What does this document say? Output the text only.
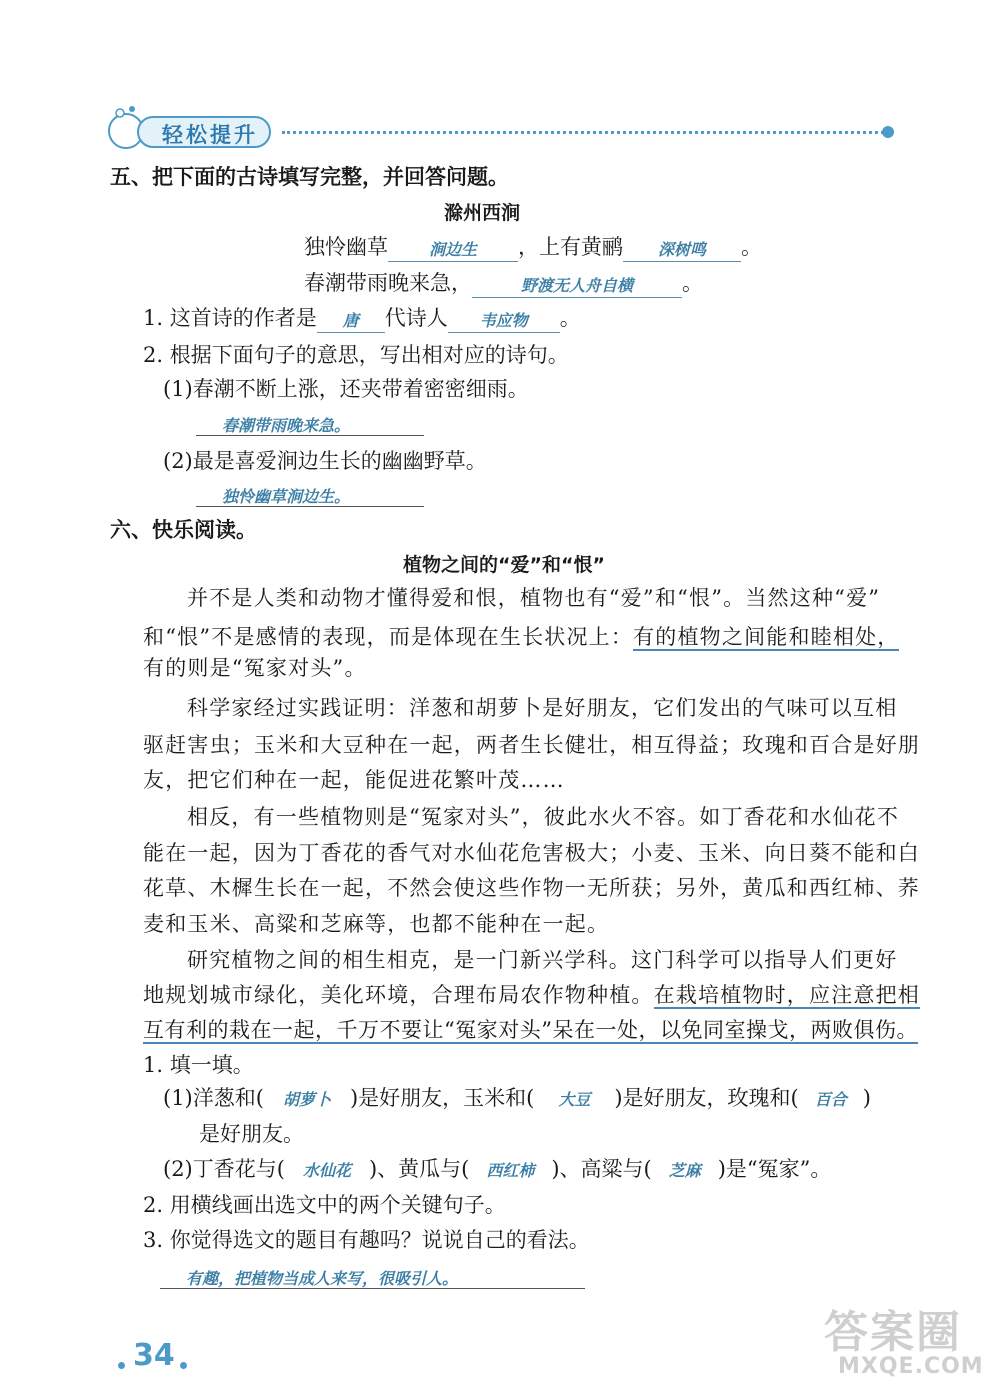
轻松提升
五、把下面的古诗填写完整，并回答问题。
滁州西涧
独怜幽草	涧边生 ，上有黄鹂 深树鸣 。
春潮带雨晚来急，	野渡无人舟自横 。
1. 这首诗的作者是 唐 代诗人 韦应物 。
2. 根据下面句子的意思，写出相对应的诗句。
(1)春潮不断上涨，还夹带着密密细雨。
春潮带雨晚来急。
(2)最是喜爱涧边生长的幽幽野草。
独怜幽草涧边生。
六、快乐阅读。
植物之间的“爱”和“恨”
并不是人类和动物才懂得爱和恨，植物也有“爱”和“恨”。当然这种“爱”
和“恨”不是感情的表现，而是体现在生长状况上：有的植物之间能和睦相处，
有的则是“冤家对头”。
科学家经过实践证明：洋葱和胡萝卜是好朋友，它们发出的气味可以互相
驱赶害虫；玉米和大豆种在一起，两者生长健壮，相互得益；玫瑰和百合是好朋
友，把它们种在一起，能促进花繁叶茂……
相反，有一些植物则是“冤家对头”，彼此水火不容。如丁香花和水仙花不
能在一起，因为丁香花的香气对水仙花危害极大；小麦、玉米、向日葵不能和白
花草、木樨生长在一起，不然会使这些作物一无所获；另外，黄瓜和西红柿、荞
麦和玉米、高粱和芝麻等，也都不能种在一起。
研究植物之间的相生相克，是一门新兴学科。这门科学可以指导人们更好
地规划城市绿化，美化环境，合理布局农作物种植。在栽培植物时，应注意把相
互有利的栽在一起，千万不要让“冤家对头”呆在一处，以免同室操戈，两败俱伤。
1. 填一填。
(1)洋葱和( 胡萝卜 )是好朋友，玉米和( 大豆 )是好朋友，玫瑰和( 百合 )
是好朋友。
(2)丁香花与( 水仙花 )、黄瓜与( 西红柿 )、高粱与( 芝麻 )是“冤家”。
2. 用横线画出选文中的两个关键句子。
3. 你觉得选文的题目有趣吗？说说自己的看法。
有趣，把植物当成人来写，很吸引人。
34	答案圈
MXQE.COM
